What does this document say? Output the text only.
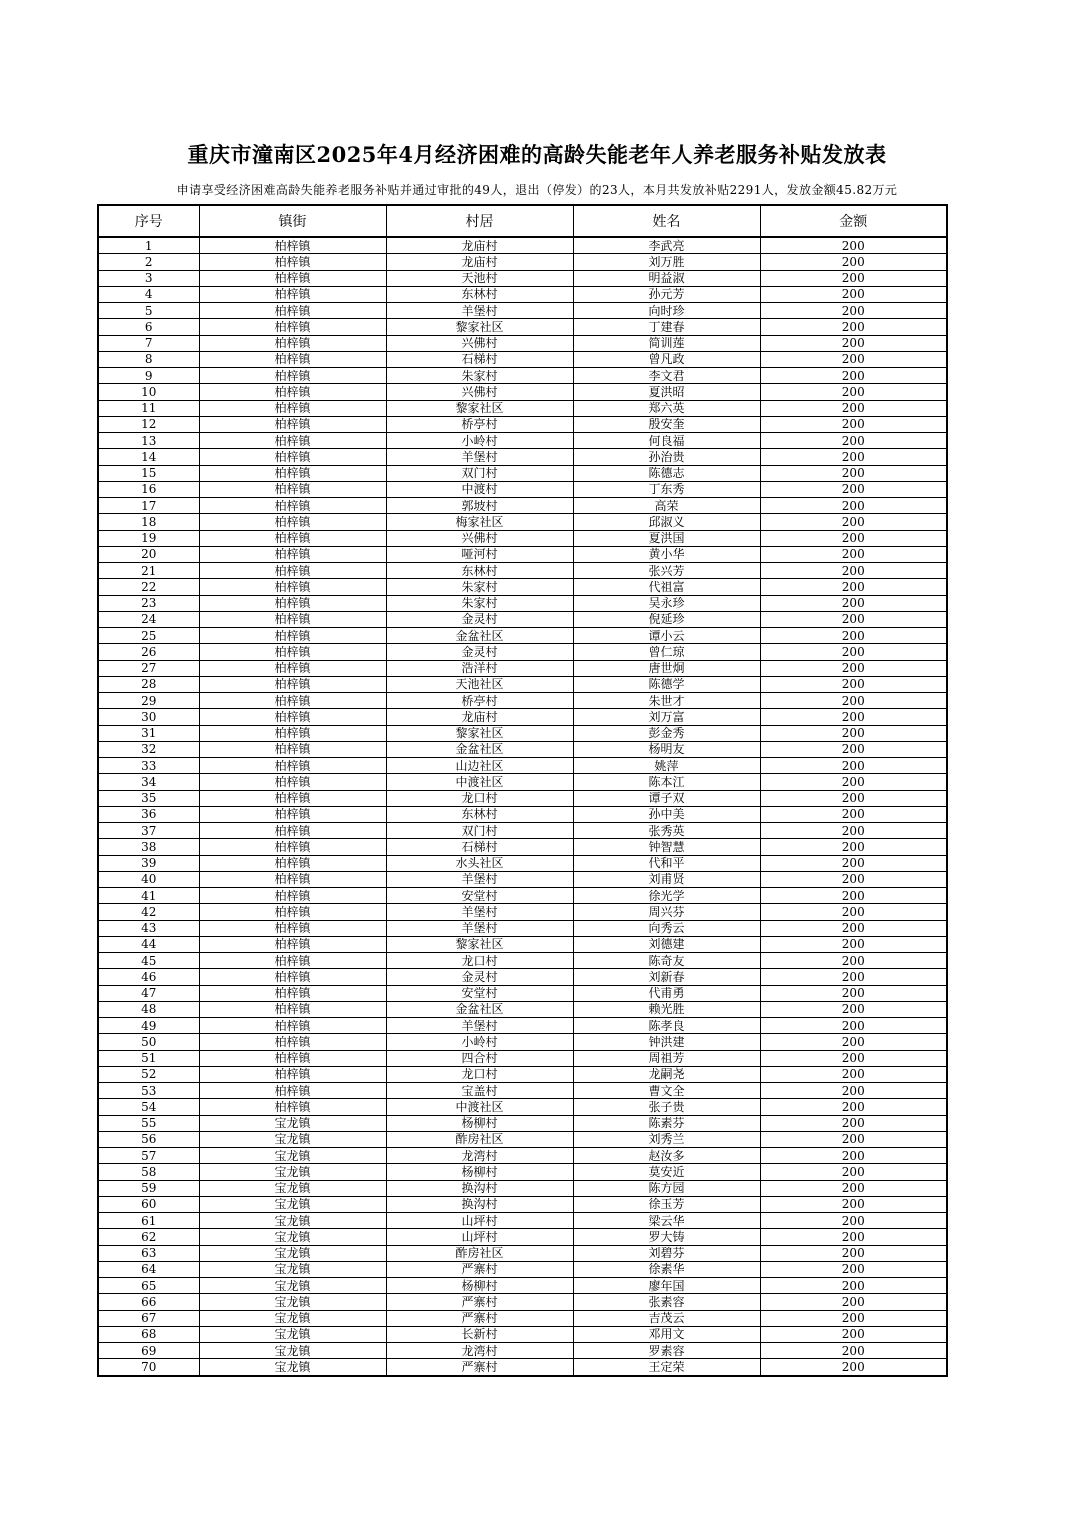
重庆市潼南区2025年4月经济困难的高龄失能老年人养老服务补贴发放表
申请享受经济困难高龄失能养老服务补贴并通过审批的49人，退出（停发）的23人，本月共发放补贴2291人，发放金额45.82万元
序号	镇街	村居	姓名	金额
1	柏梓镇	龙庙村	李武亮	200
2	柏梓镇	龙庙村	刘万胜	200
3	柏梓镇	天池村	明益淑	200
4	柏梓镇	东林村	孙元芳	200
5	柏梓镇	羊堡村	向时珍	200
6	柏梓镇	黎家社区	丁建春	200
7	柏梓镇	兴佛村	简训莲	200
8	柏梓镇	石梯村	曾凡政	200
9	柏梓镇	朱家村	李文君	200
10	柏梓镇	兴佛村	夏洪昭	200
11	柏梓镇	黎家社区	郑六英	200
12	柏梓镇	桥亭村	殷安奎	200
13	柏梓镇	小岭村	何良福	200
14	柏梓镇	羊堡村	孙治贵	200
15	柏梓镇	双门村	陈德志	200
16	柏梓镇	中渡村	丁东秀	200
17	柏梓镇	郭坡村	高荣	200
18	柏梓镇	梅家社区	邱淑义	200
19	柏梓镇	兴佛村	夏洪国	200
20	柏梓镇	哑河村	黄小华	200
21	柏梓镇	东林村	张兴芳	200
22	柏梓镇	朱家村	代祖富	200
23	柏梓镇	朱家村	吴永珍	200
24	柏梓镇	金灵村	倪延珍	200
25	柏梓镇	金盆社区	谭小云	200
26	柏梓镇	金灵村	曾仁琼	200
27	柏梓镇	浩洋村	唐世炯	200
28	柏梓镇	天池社区	陈德学	200
29	柏梓镇	桥亭村	朱世才	200
30	柏梓镇	龙庙村	刘万富	200
31	柏梓镇	黎家社区	彭金秀	200
32	柏梓镇	金盆社区	杨明友	200
33	柏梓镇	山边社区	姚萍	200
34	柏梓镇	中渡社区	陈本江	200
35	柏梓镇	龙口村	谭子双	200
36	柏梓镇	东林村	孙中美	200
37	柏梓镇	双门村	张秀英	200
38	柏梓镇	石梯村	钟智慧	200
39	柏梓镇	水头社区	代和平	200
40	柏梓镇	羊堡村	刘甫贤	200
41	柏梓镇	安堂村	徐光学	200
42	柏梓镇	羊堡村	周兴芬	200
43	柏梓镇	羊堡村	向秀云	200
44	柏梓镇	黎家社区	刘德建	200
45	柏梓镇	龙口村	陈奇友	200
46	柏梓镇	金灵村	刘新春	200
47	柏梓镇	安堂村	代甫勇	200
48	柏梓镇	金盆社区	赖光胜	200
49	柏梓镇	羊堡村	陈孝良	200
50	柏梓镇	小岭村	钟洪建	200
51	柏梓镇	四合村	周祖芳	200
52	柏梓镇	龙口村	龙嗣尧	200
53	柏梓镇	宝盖村	曹文全	200
54	柏梓镇	中渡社区	张子贵	200
55	宝龙镇	杨柳村	陈素芬	200
56	宝龙镇	酢房社区	刘秀兰	200
57	宝龙镇	龙湾村	赵汝多	200
58	宝龙镇	杨柳村	莫安近	200
59	宝龙镇	换沟村	陈方园	200
60	宝龙镇	换沟村	徐玉芳	200
61	宝龙镇	山坪村	梁云华	200
62	宝龙镇	山坪村	罗大铸	200
63	宝龙镇	酢房社区	刘碧芬	200
64	宝龙镇	严寨村	徐素华	200
65	宝龙镇	杨柳村	廖年国	200
66	宝龙镇	严寨村	张素容	200
67	宝龙镇	严寨村	吉茂云	200
68	宝龙镇	长新村	邓用文	200
69	宝龙镇	龙湾村	罗素容	200
70	宝龙镇	严寨村	王定荣	200
